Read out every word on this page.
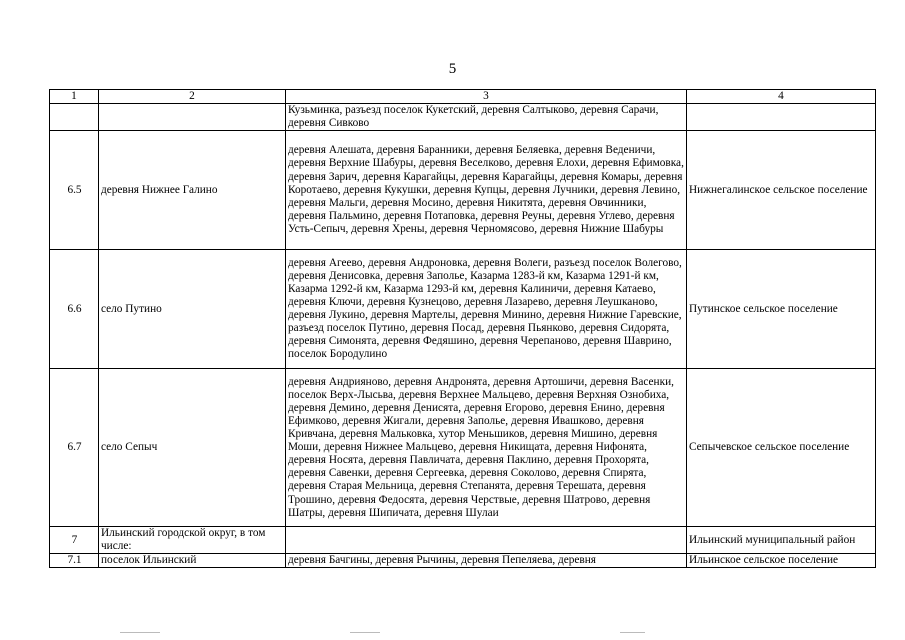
5
1	2	3	4
		Кузьминка, разъезд поселок Кукетский, деревня Салтыково, деревня Сарачи, деревня Сивково	
6.5	деревня Нижнее Галино	деревня Алешата, деревня Баранники, деревня Беляевка, деревня Веденичи, деревня Верхние Шабуры, деревня Веселково, деревня Елохи, деревня Ефимовка, деревня Зарич, деревня Карагайцы, деревня Карагайцы, деревня Комары, деревня Коротаево, деревня Кукушки, деревня Купцы, деревня Лучники, деревня Левино, деревня Мальги, деревня Мосино, деревня Никитята, деревня Овчинники, деревня Пальмино, деревня Потаповка, деревня Реуны, деревня Углево, деревня Усть-Сепыч, деревня Хрены, деревня Черномясово, деревня Нижние Шабуры	Нижнегалинское сельское поселение
6.6	село Путино	деревня Агеево, деревня Андроновка, деревня Волеги, разъезд поселок Волегово, деревня Денисовка, деревня Заполье, Казарма 1283-й км, Казарма 1291-й км, Казарма 1292-й км, Казарма 1293-й км, деревня Калиничи, деревня Катаево, деревня Ключи, деревня Кузнецово, деревня Лазарево, деревня Леушканово, деревня Лукино, деревня Мартелы, деревня Минино, деревня Нижние Гаревские, разъезд поселок Путино, деревня Посад, деревня Пьянково, деревня Сидорята, деревня Симонята, деревня Федяшино, деревня Черепаново, деревня Шаврино, поселок Бородулино	Путинское сельское поселение
6.7	село Сепыч	деревня Андрияново, деревня Андронята, деревня Артошичи, деревня Васенки, поселок Верх-Лысьва, деревня Верхнее Мальцево, деревня Верхняя Ознобиха, деревня Демино, деревня Денисята, деревня Егорово, деревня Енино, деревня Ефимково, деревня Жигали, деревня Заполье, деревня Ивашково, деревня Кривчана, деревня Мальковка, хутор Меньшиков, деревня Мишино, деревня Моши, деревня Нижнее Мальцево, деревня Никищата, деревня Нифонята, деревня Носята, деревня Павличата, деревня Паклино, деревня Прохорята, деревня Савенки, деревня Сергеевка, деревня Соколово, деревня Спирята, деревня Старая Мельница, деревня Степанята, деревня Терешата, деревня Трошино, деревня Федосята, деревня Черствые, деревня Шатрово, деревня Шатры, деревня Шипичата, деревня Шулаи	Сепычевское сельское поселение
7	Ильинский городской округ, в том числе:		Ильинский муниципальный район
7.1	поселок Ильинский	деревня Бачгины, деревня Рычины, деревня Пепеляева, деревня	Ильинское сельское поселение
